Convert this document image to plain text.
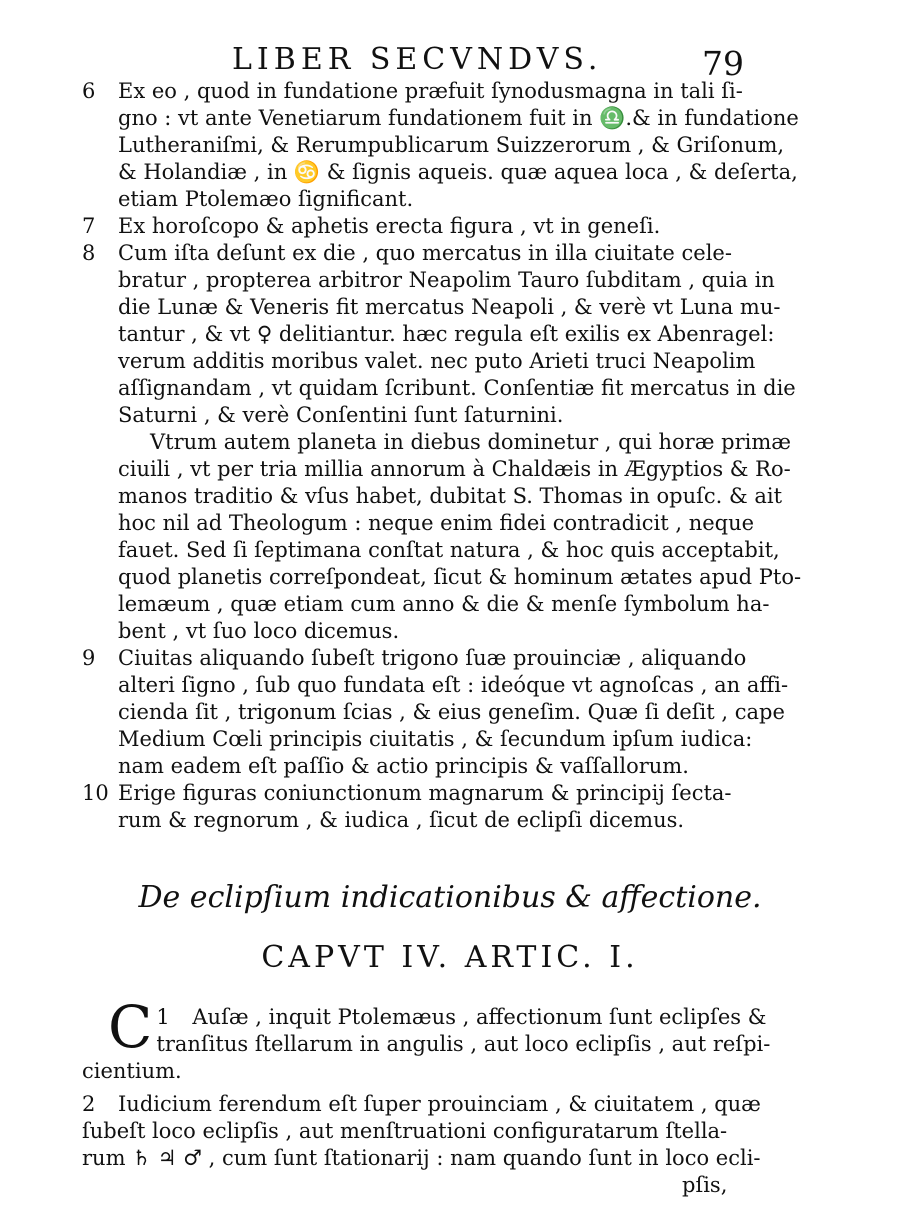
LIBER SECVNDVS.	79
6 Ex eo , quod in fundatione præfuit ſynodusmagna in tali ſi-
gno : vt ante Venetiarum fundationem fuit in ♎.& in fundatione
Lutheraniſmi, & Rerumpublicarum Suizzerorum , & Griſonum,
& Holandiæ , in ♋ & ſignis aqueis. quæ aquea loca , & deſerta,
etiam Ptolemæo ſignificant.
7 Ex horoſcopo & aphetis erecta figura , vt in geneſi.
8 Cum iſta deſunt ex die , quo mercatus in illa ciuitate cele-
bratur , propterea arbitror Neapolim Tauro ſubditam , quia in
die Lunæ & Veneris fit mercatus Neapoli , & verè vt Luna mu-
tantur , & vt ♀ delitiantur. hæc regula eſt exilis ex Abenragel:
verum additis moribus valet. nec puto Arieti truci Neapolim
aſſignandam , vt quidam ſcribunt. Conſentiæ fit mercatus in die
Saturni , & verè Conſentini ſunt ſaturnini.
Vtrum autem planeta in diebus dominetur , qui horæ primæ
ciuili , vt per tria millia annorum à Chaldæis in Ægyptios & Ro-
manos traditio & vſus habet, dubitat S. Thomas in opuſc. & ait
hoc nil ad Theologum : neque enim fidei contradicit , neque
fauet. Sed ſi ſeptimana conſtat natura , & hoc quis acceptabit,
quod planetis correſpondeat, ſicut & hominum ætates apud Pto-
lemæum , quæ etiam cum anno & die & menſe ſymbolum ha-
bent , vt ſuo loco dicemus.
9 Ciuitas aliquando ſubeſt trigono ſuæ prouinciæ , aliquando
alteri ſigno , ſub quo fundata eſt : ideóque vt agnoſcas , an affi-
cienda ſit , trigonum ſcias , & eius geneſim. Quæ ſi deſit , cape
Medium Cœli principis ciuitatis , & ſecundum ipſum iudica:
nam eadem eſt paſſio & actio principis & vaſſallorum.
10 Erige figuras coniunctionum magnarum & principij ſecta-
rum & regnorum , & iudica , ſicut de eclipſi dicemus.
De eclipſium indicationibus & affectione.
CAPVT IV. ARTIC. I.
1
C Auſæ , inquit Ptolemæus , affectionum ſunt eclipſes &
tranſitus ſtellarum in angulis , aut loco eclipſis , aut reſpi-
cientium.
2 Iudicium ferendum eſt ſuper prouinciam , & ciuitatem , quæ
ſubeſt loco eclipſis , aut menſtruationi configuratarum ſtella-
rum ♄ ♃ ♂ , cum ſunt ſtationarij : nam quando ſunt in loco ecli-
pſis,
